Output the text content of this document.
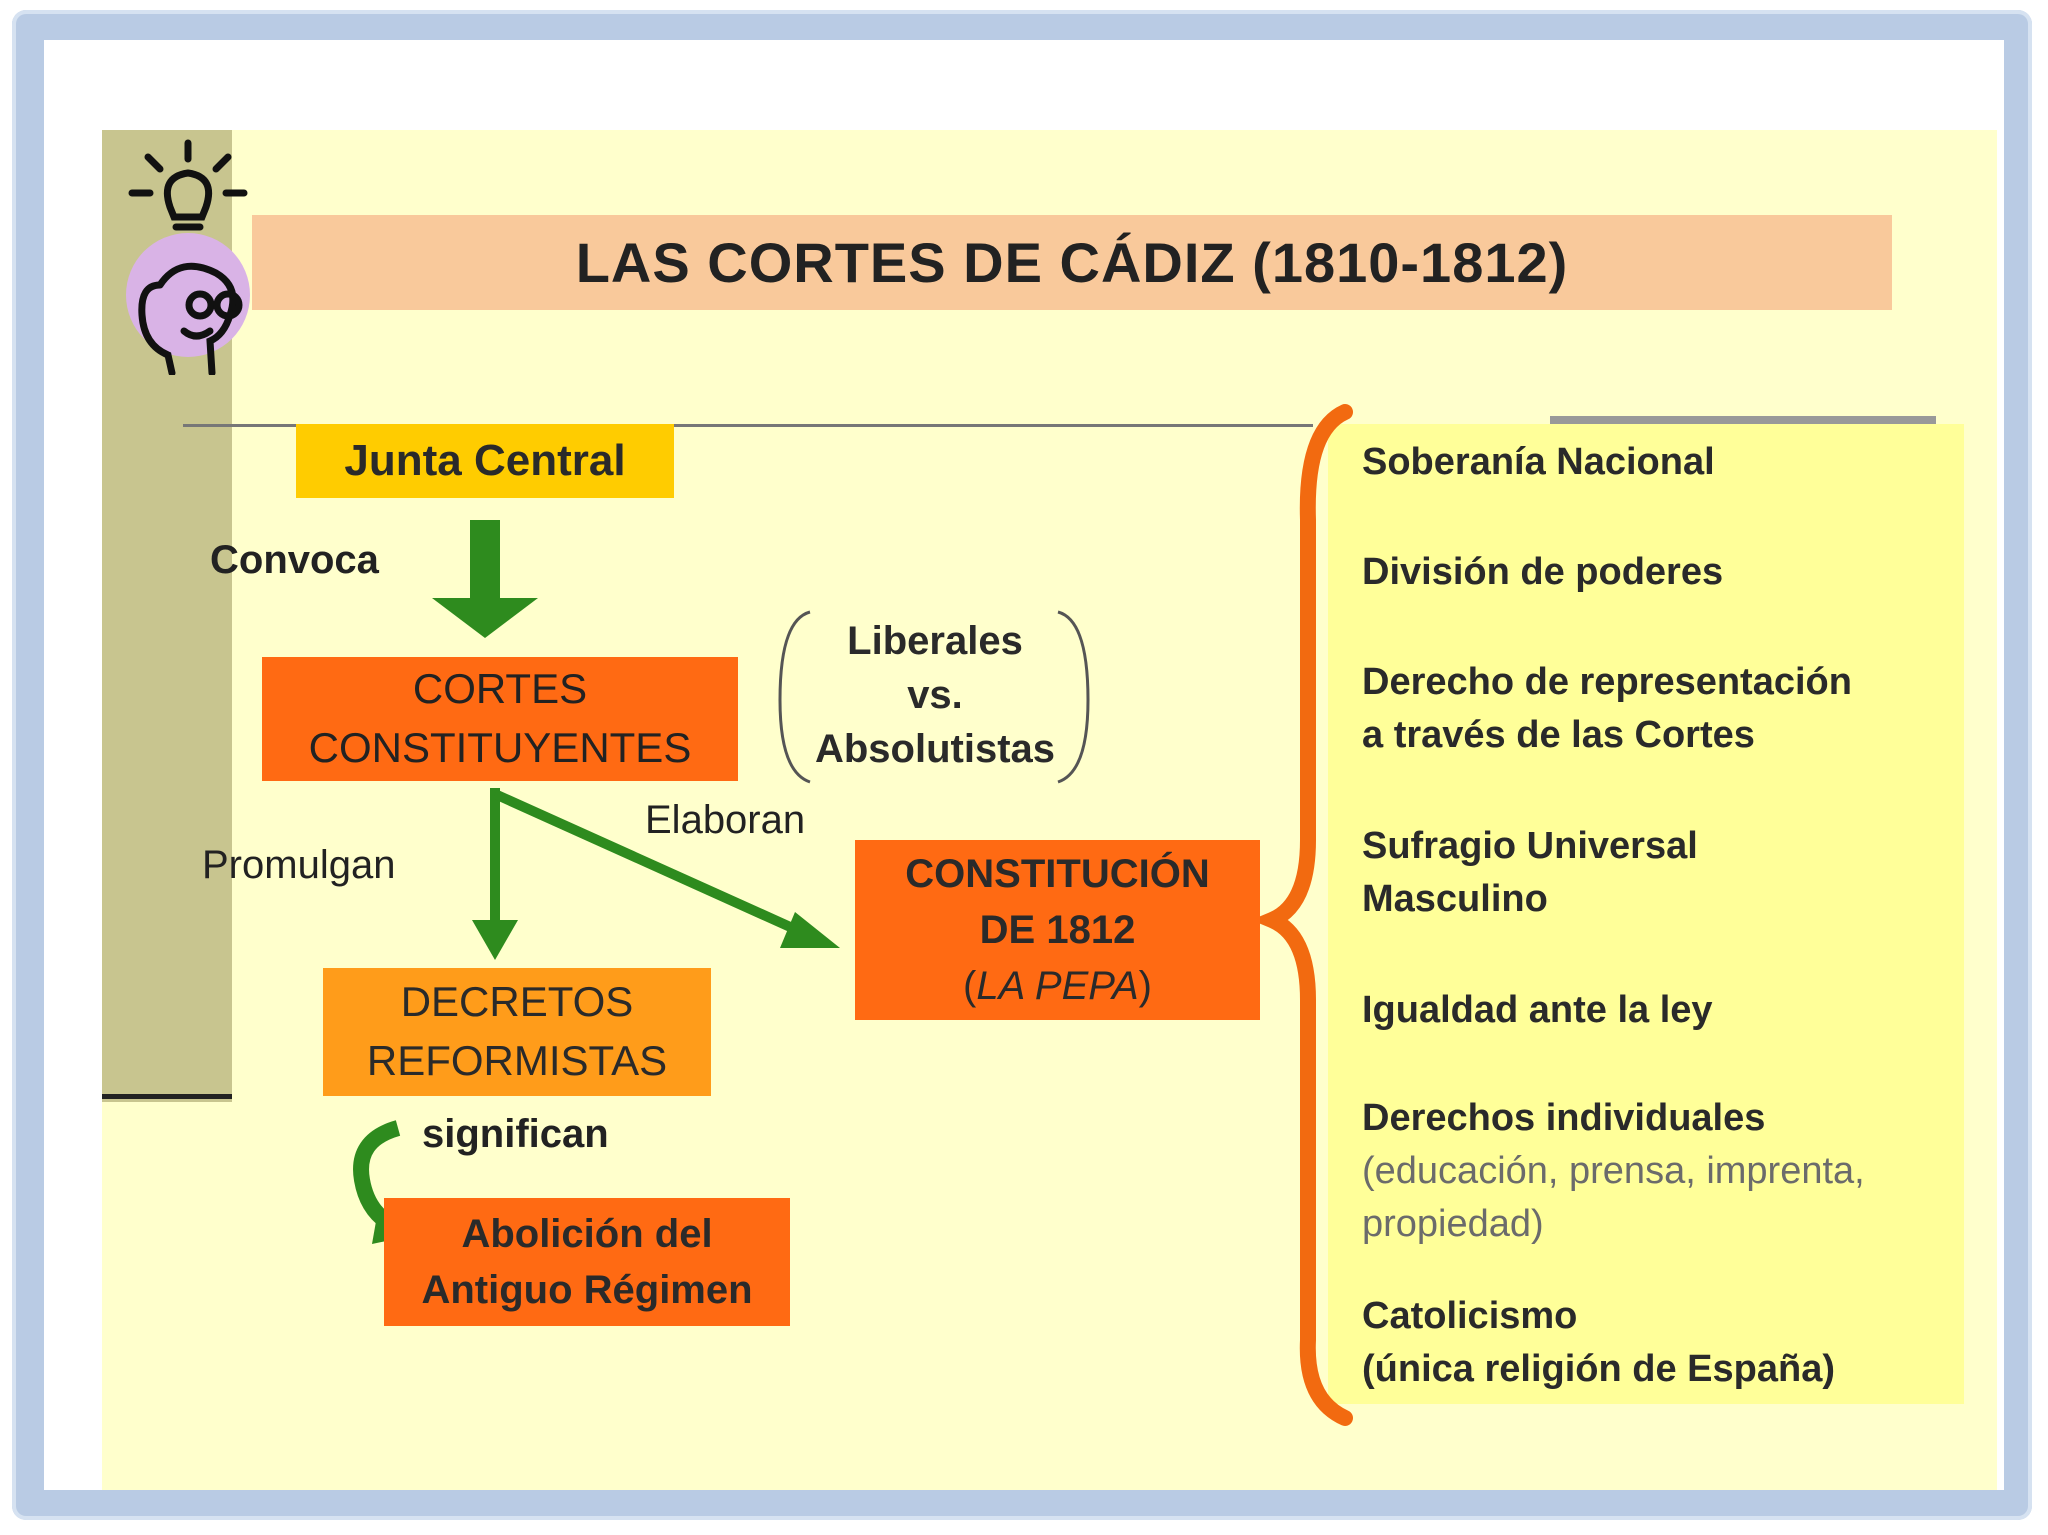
LAS CORTES DE CÁDIZ (1810-1812)
Junta Central
Convoca
CORTES
CONSTITUYENTES
Liberales
vs.
Absolutistas
Elaboran
Promulgan	CONSTITUCIÓN
DE 1812
(LA PEPA)
DECRETOS
REFORMISTAS
significan
Abolición del
Antiguo Régimen
Soberanía Nacional
División de poderes
Derecho de representación
a través de las Cortes
Sufragio Universal
Masculino
Igualdad ante la ley
Derechos individuales
(educación, prensa, imprenta,
propiedad)
Catolicismo
(única religión de España)
